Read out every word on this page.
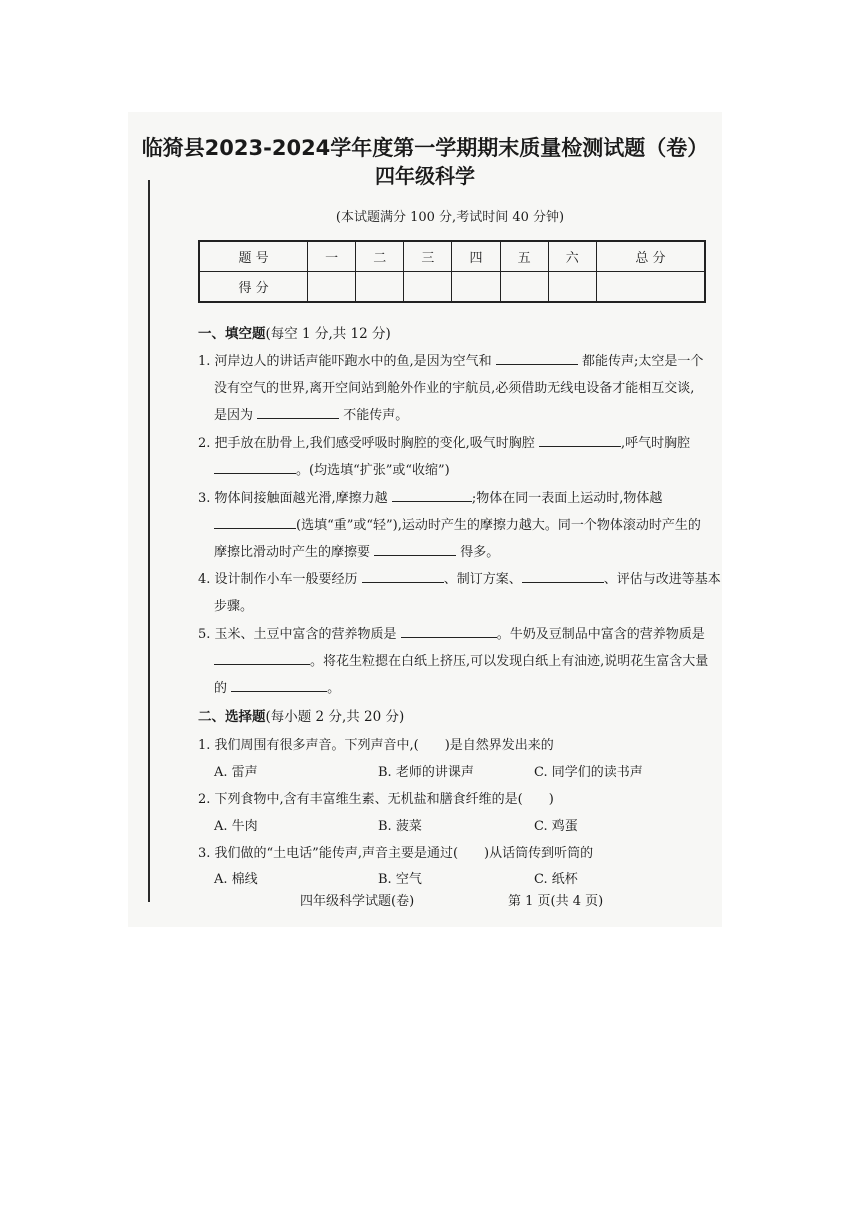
临猗县2023-2024学年度第一学期期末质量检测试题（卷）
四年级科学
(本试题满分 100 分,考试时间 40 分钟)
题 号	一	二	三	四	五	六	总 分
得 分							
一、填空题(每空 1 分,共 12 分)
1. 河岸边人的讲话声能吓跑水中的鱼,是因为空气和	都能传声;太空是一个
没有空气的世界,离开空间站到舱外作业的宇航员,必须借助无线电设备才能相互交谈,
是因为	不能传声。
2. 把手放在肋骨上,我们感受呼吸时胸腔的变化,吸气时胸腔	,呼气时胸腔
。(均选填“扩张”或“收缩”)
3. 物体间接触面越光滑,摩擦力越	;物体在同一表面上运动时,物体越
(选填“重”或“轻”),运动时产生的摩擦力越大。同一个物体滚动时产生的
摩擦比滑动时产生的摩擦要	得多。
4. 设计制作小车一般要经历	、制订方案、	、评估与改进等基本
步骤。
5. 玉米、土豆中富含的营养物质是	。牛奶及豆制品中富含的营养物质是
。将花生粒摁在白纸上挤压,可以发现白纸上有油迹,说明花生富含大量
的	。
二、选择题(每小题 2 分,共 20 分)
1. 我们周围有很多声音。下列声音中,(　　)是自然界发出来的
A. 雷声	B. 老师的讲课声	C. 同学们的读书声
2. 下列食物中,含有丰富维生素、无机盐和膳食纤维的是(　　)
A. 牛肉	B. 菠菜	C. 鸡蛋
3. 我们做的“土电话”能传声,声音主要是通过(　　)从话筒传到听筒的
A. 棉线	B. 空气	C. 纸杯
四年级科学试题(卷)	第 1 页(共 4 页)
